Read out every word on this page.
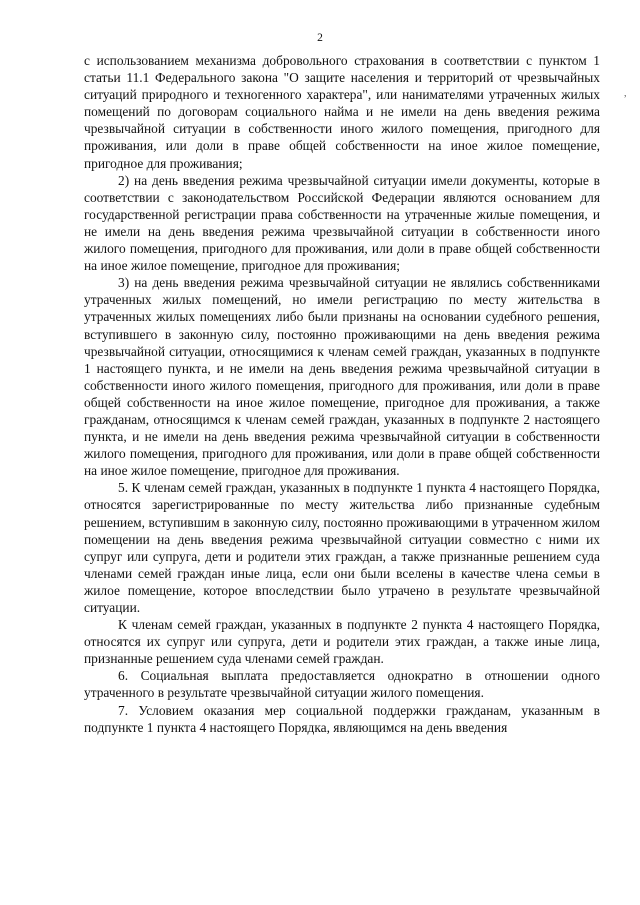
2
,

с использованием механизма добровольного страхования в соответствии с пунктом 1 статьи 11.1 Федерального закона "О защите населения и территорий от чрезвычайных ситуаций природного и техногенного характера", или нанимателями утраченных жилых помещений по договорам социального найма и не имели на день введения режима чрезвычайной ситуации в собственности иного жилого помещения, пригодного для проживания, или доли в праве общей собственности на иное жилое помещение, пригодное для проживания;

2) на день введения режима чрезвычайной ситуации имели документы, которые в соответствии с законодательством Российской Федерации являются основанием для государственной регистрации права собственности на утраченные жилые помещения, и не имели на день введения режима чрезвычайной ситуации в собственности иного жилого помещения, пригодного для проживания, или доли в праве общей собственности на иное жилое помещение, пригодное для проживания;

3) на день введения режима чрезвычайной ситуации не являлись собственниками утраченных жилых помещений, но имели регистрацию по месту жительства в утраченных жилых помещениях либо были признаны на основании судебного решения, вступившего в законную силу, постоянно проживающими на день введения режима чрезвычайной ситуации, относящимися к членам семей граждан, указанных в подпункте 1 настоящего пункта, и не имели на день введения режима чрезвычайной ситуации в собственности иного жилого помещения, пригодного для проживания, или доли в праве общей собственности на иное жилое помещение, пригодное для проживания, а также гражданам, относящимся к членам семей граждан, указанных в подпункте 2 настоящего пункта, и не имели на день введения режима чрезвычайной ситуации в собственности жилого помещения, пригодного для проживания, или доли в праве общей собственности на иное жилое помещение, пригодное для проживания.

5. К членам семей граждан, указанных в подпункте 1 пункта 4 настоящего Порядка, относятся зарегистрированные по месту жительства либо признанные судебным решением, вступившим в законную силу, постоянно проживающими в утраченном жилом помещении на день введения режима чрезвычайной ситуации совместно с ними их супруг или супруга, дети и родители этих граждан, а также признанные решением суда членами семей граждан иные лица, если они были вселены в качестве члена семьи в жилое помещение, которое впоследствии было утрачено в результате чрезвычайной ситуации.

К членам семей граждан, указанных в подпункте 2 пункта 4 настоящего Порядка, относятся их супруг или супруга, дети и родители этих граждан, а также иные лица, признанные решением суда членами семей граждан.

6. Социальная выплата предоставляется однократно в отношении одного утраченного в результате чрезвычайной ситуации жилого помещения.

7. Условием оказания мер социальной поддержки гражданам, указанным в подпункте 1 пункта 4 настоящего Порядка, являющимся на день введения
